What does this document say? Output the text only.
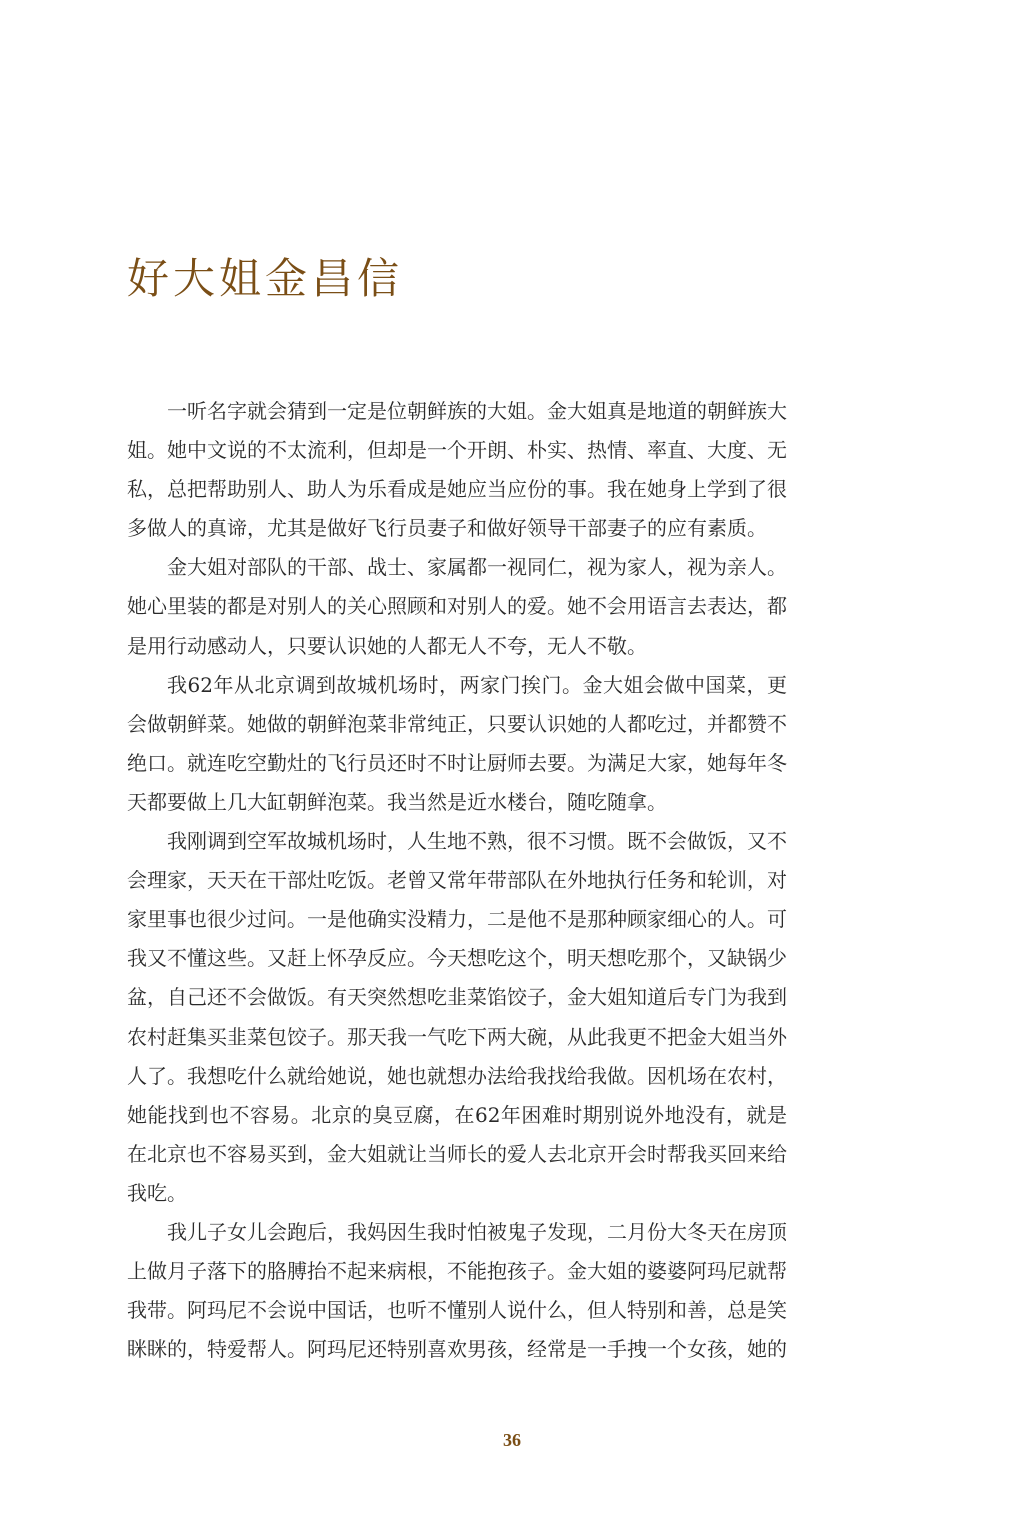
好大姐金昌信

一听名字就会猜到一定是位朝鲜族的大姐。金大姐真是地道的朝鲜族大姐。她中文说的不太流利，但却是一个开朗、朴实、热情、率直、大度、无私，总把帮助别人、助人为乐看成是她应当应份的事。我在她身上学到了很多做人的真谛，尤其是做好飞行员妻子和做好领导干部妻子的应有素质。

金大姐对部队的干部、战士、家属都一视同仁，视为家人，视为亲人。她心里装的都是对别人的关心照顾和对别人的爱。她不会用语言去表达，都是用行动感动人，只要认识她的人都无人不夸，无人不敬。

我62年从北京调到故城机场时，两家门挨门。金大姐会做中国菜，更会做朝鲜菜。她做的朝鲜泡菜非常纯正，只要认识她的人都吃过，并都赞不绝口。就连吃空勤灶的飞行员还时不时让厨师去要。为满足大家，她每年冬天都要做上几大缸朝鲜泡菜。我当然是近水楼台，随吃随拿。

我刚调到空军故城机场时，人生地不熟，很不习惯。既不会做饭，又不会理家，天天在干部灶吃饭。老曾又常年带部队在外地执行任务和轮训，对家里事也很少过问。一是他确实没精力，二是他不是那种顾家细心的人。可我又不懂这些。又赶上怀孕反应。今天想吃这个，明天想吃那个，又缺锅少盆，自己还不会做饭。有天突然想吃韭菜馅饺子，金大姐知道后专门为我到农村赶集买韭菜包饺子。那天我一气吃下两大碗，从此我更不把金大姐当外人了。我想吃什么就给她说，她也就想办法给我找给我做。因机场在农村，她能找到也不容易。北京的臭豆腐，在62年困难时期别说外地没有，就是在北京也不容易买到，金大姐就让当师长的爱人去北京开会时帮我买回来给我吃。

我儿子女儿会跑后，我妈因生我时怕被鬼子发现，二月份大冬天在房顶上做月子落下的胳膊抬不起来病根，不能抱孩子。金大姐的婆婆阿玛尼就帮我带。阿玛尼不会说中国话，也听不懂别人说什么，但人特别和善，总是笑眯眯的，特爱帮人。阿玛尼还特别喜欢男孩，经常是一手拽一个女孩，她的

36
